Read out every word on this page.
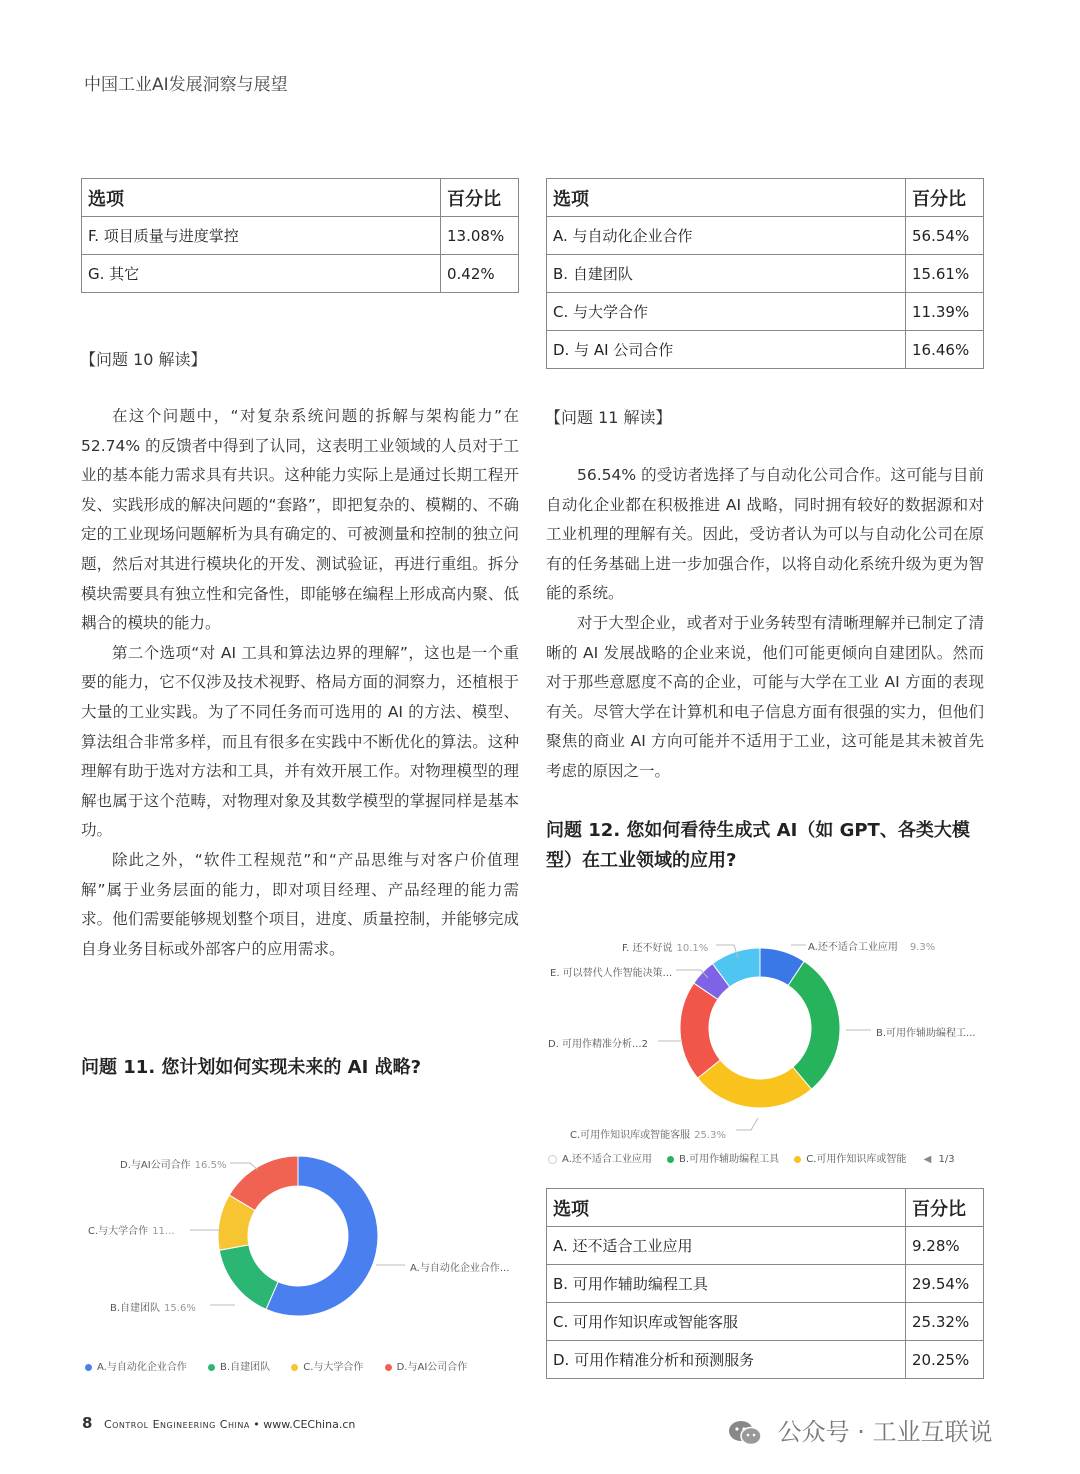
中国工业AI发展洞察与展望
选项	百分比
F. 项目质量与进度掌控	13.08%
G. 其它	0.42%
【问题 10 解读】

在这个问题中，“对复杂系统问题的拆解与架构能力”在 52.74% 的反馈者中得到了认同，这表明工业领域的人员对于工业的基本能力需求具有共识。这种能力实际上是通过长期工程开发、实践形成的解决问题的“套路”，即把复杂的、模糊的、不确定的工业现场问题解析为具有确定的、可被测量和控制的独立问题，然后对其进行模块化的开发、测试验证，再进行重组。拆分模块需要具有独立性和完备性，即能够在编程上形成高内聚、低耦合的模块的能力。

第二个选项“对 AI 工具和算法边界的理解”，这也是一个重要的能力，它不仅涉及技术视野、格局方面的洞察力，还植根于大量的工业实践。为了不同任务而可选用的 AI 的方法、模型、算法组合非常多样，而且有很多在实践中不断优化的算法。这种理解有助于选对方法和工具，并有效开展工作。对物理模型的理解也属于这个范畴，对物理对象及其数学模型的掌握同样是基本功。

除此之外，“软件工程规范”和“产品思维与对客户价值理解”属于业务层面的能力，即对项目经理、产品经理的能力需求。他们需要能够规划整个项目，进度、质量控制，并能够完成自身业务目标或外部客户的应用需求。

问题 11. 您计划如何实现未来的 AI 战略?
D.与AI公司合作 16.5%
C.与大学合作 11...
B.自建团队 15.6%
A.与自动化企业合作...
A.与自动化企业合作	B.自建团队	C.与大学合作	D.与AI公司合作
选项	百分比
A. 与自动化企业合作	56.54%
B. 自建团队	15.61%
C. 与大学合作	11.39%
D. 与 AI 公司合作	16.46%
【问题 11 解读】

56.54% 的受访者选择了与自动化公司合作。这可能与目前自动化企业都在积极推进 AI 战略，同时拥有较好的数据源和对工业机理的理解有关。因此，受访者认为可以与自动化公司在原有的任务基础上进一步加强合作，以将自动化系统升级为更为智能的系统。

对于大型企业，或者对于业务转型有清晰理解并已制定了清晰的 AI 发展战略的企业来说，他们可能更倾向自建团队。然而对于那些意愿度不高的企业，可能与大学在工业 AI 方面的表现有关。尽管大学在计算机和电子信息方面有很强的实力，但他们聚焦的商业 AI 方向可能并不适用于工业，这可能是其未被首先考虑的原因之一。

问题 12. 您如何看待生成式 AI（如 GPT、各类大模型）在工业领域的应用?
F. 还不好说 10.1%	A.还不适合工业应用 9.3%
E. 可以替代人作智能决策...
B.可用作辅助编程工...
D. 可用作精准分析...2
C.可用作知识库或智能客服 25.3%
A.还不适合工业应用	B.可用作辅助编程工具	C.可用作知识库或智能 ◀ 1/3
选项	百分比
A. 还不适合工业应用	9.28%
B. 可用作辅助编程工具	29.54%
C. 可用作知识库或智能客服	25.32%
D. 可用作精准分析和预测服务	20.25%
8 Control Engineering China • www.CEChina.cn	公众号 · 工业互联说
